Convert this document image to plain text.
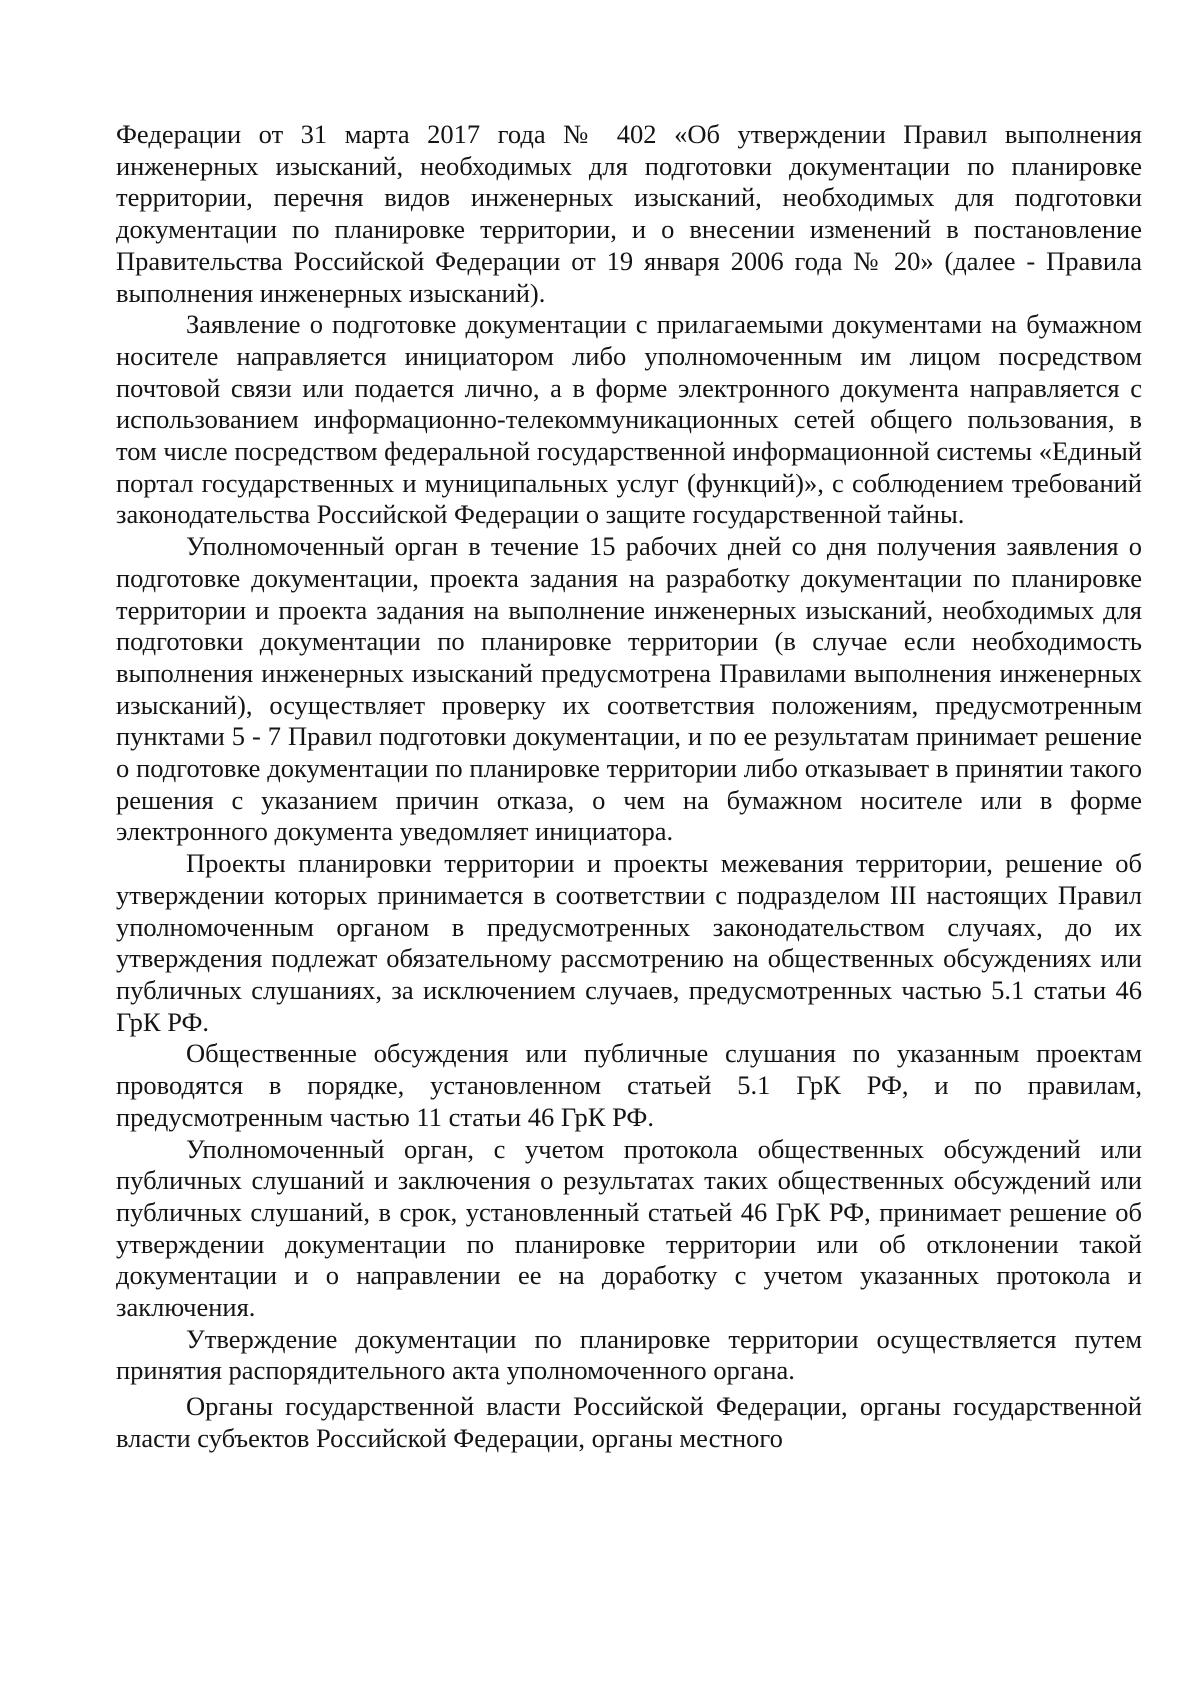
Федерации от 31 марта 2017 года № 402 «Об утверждении Правил выполнения инженерных изысканий, необходимых для подготовки документации по планировке территории, перечня видов инженерных изысканий, необходимых для подготовки документации по планировке территории, и о внесении изменений в постановление Правительства Российской Федерации от 19 января 2006 года № 20» (далее - Правила выполнения инженерных изысканий).

Заявление о подготовке документации с прилагаемыми документами на бумажном носителе направляется инициатором либо уполномоченным им лицом посредством почтовой связи или подается лично, а в форме электронного документа направляется с использованием информационно-телекоммуникационных сетей общего пользования, в том числе посредством федеральной государственной информационной системы «Единый портал государственных и муниципальных услуг (функций)», с соблюдением требований законодательства Российской Федерации о защите государственной тайны.

Уполномоченный орган в течение 15 рабочих дней со дня получения заявления о подготовке документации, проекта задания на разработку документации по планировке территории и проекта задания на выполнение инженерных изысканий, необходимых для подготовки документации по планировке территории (в случае если необходимость выполнения инженерных изысканий предусмотрена Правилами выполнения инженерных изысканий), осуществляет проверку их соответствия положениям, предусмотренным пунктами 5 - 7 Правил подготовки документации, и по ее результатам принимает решение о подготовке документации по планировке территории либо отказывает в принятии такого решения с указанием причин отказа, о чем на бумажном носителе или в форме электронного документа уведомляет инициатора.

Проекты планировки территории и проекты межевания территории, решение об утверждении которых принимается в соответствии с подразделом III настоящих Правил уполномоченным органом в предусмотренных законодательством случаях, до их утверждения подлежат обязательному рассмотрению на общественных обсуждениях или публичных слушаниях, за исключением случаев, предусмотренных частью 5.1 статьи 46 ГрК РФ.

Общественные обсуждения или публичные слушания по указанным проектам проводятся в порядке, установленном статьей 5.1 ГрК РФ, и по правилам, предусмотренным частью 11 статьи 46 ГрК РФ.

Уполномоченный орган, с учетом протокола общественных обсуждений или публичных слушаний и заключения о результатах таких общественных обсуждений или публичных слушаний, в срок, установленный статьей 46 ГрК РФ, принимает решение об утверждении документации по планировке территории или об отклонении такой документации и о направлении ее на доработку с учетом указанных протокола и заключения.

Утверждение документации по планировке территории осуществляется путем принятия распорядительного акта уполномоченного органа.

Органы государственной власти Российской Федерации, органы государственной власти субъектов Российской Федерации, органы местного
